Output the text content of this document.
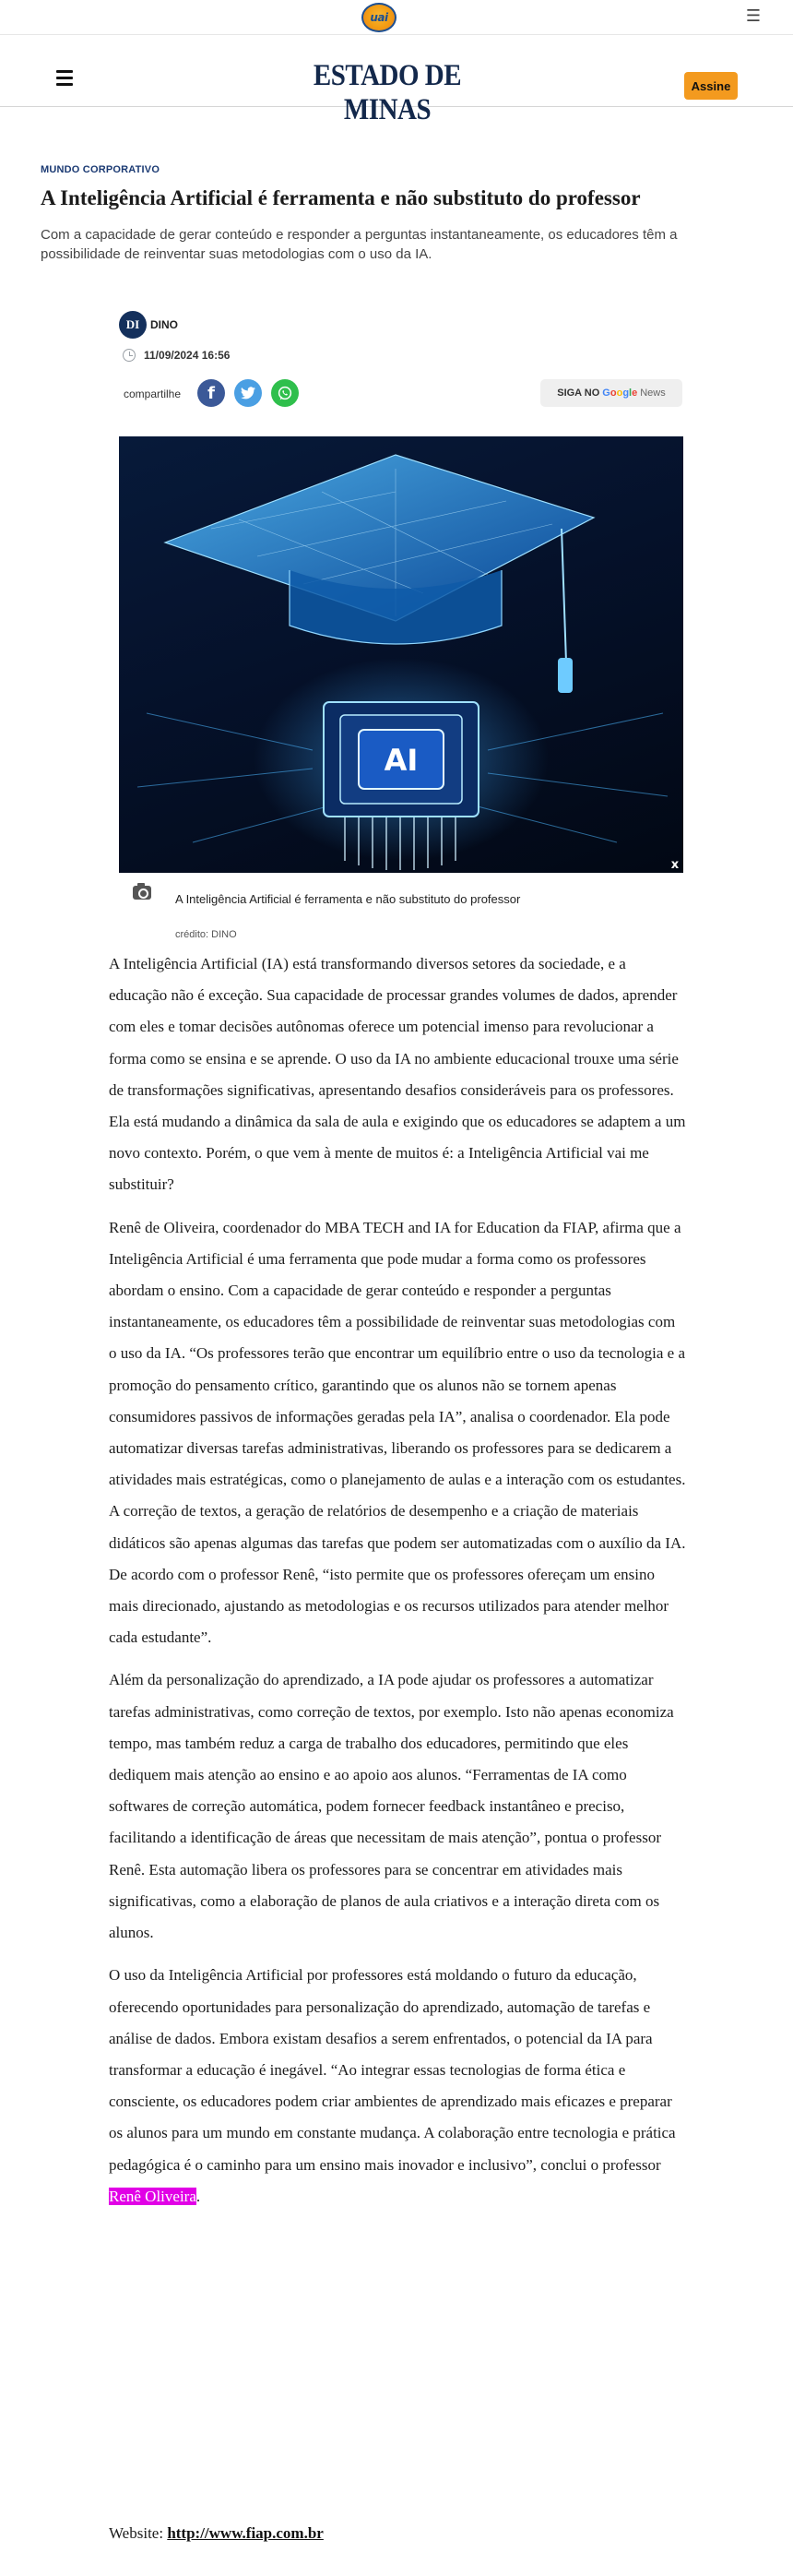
uai	☰
ESTADO DE MINAS
Assine
MUNDO CORPORATIVO
A Inteligência Artificial é ferramenta e não substituto do professor
Com a capacidade de gerar conteúdo e responder a perguntas instantaneamente, os educadores têm a possibilidade de reinventar suas metodologias com o uso da IA.
DI DINO
11/09/2024 16:56
compartilhe	f	SIGA NO Google News
AI
x
A Inteligência Artificial é ferramenta e não substituto do professor
crédito: DINO

A Inteligência Artificial (IA) está transformando diversos setores da sociedade, e a educação não é exceção. Sua capacidade de processar grandes volumes de dados, aprender com eles e tomar decisões autônomas oferece um potencial imenso para revolucionar a forma como se ensina e se aprende. O uso da IA no ambiente educacional trouxe uma série de transformações significativas, apresentando desafios consideráveis para os professores. Ela está mudando a dinâmica da sala de aula e exigindo que os educadores se adaptem a um novo contexto. Porém, o que vem à mente de muitos é: a Inteligência Artificial vai me substituir?

Renê de Oliveira, coordenador do MBA TECH and IA for Education da FIAP, afirma que a Inteligência Artificial é uma ferramenta que pode mudar a forma como os professores abordam o ensino. Com a capacidade de gerar conteúdo e responder a perguntas instantaneamente, os educadores têm a possibilidade de reinventar suas metodologias com o uso da IA. “Os professores terão que encontrar um equilíbrio entre o uso da tecnologia e a promoção do pensamento crítico, garantindo que os alunos não se tornem apenas consumidores passivos de informações geradas pela IA”, analisa o coordenador. Ela pode automatizar diversas tarefas administrativas, liberando os professores para se dedicarem a atividades mais estratégicas, como o planejamento de aulas e a interação com os estudantes. A correção de textos, a geração de relatórios de desempenho e a criação de materiais didáticos são apenas algumas das tarefas que podem ser automatizadas com o auxílio da IA. De acordo com o professor Renê, “isto permite que os professores ofereçam um ensino mais direcionado, ajustando as metodologias e os recursos utilizados para atender melhor cada estudante”.

Além da personalização do aprendizado, a IA pode ajudar os professores a automatizar tarefas administrativas, como correção de textos, por exemplo. Isto não apenas economiza tempo, mas também reduz a carga de trabalho dos educadores, permitindo que eles dediquem mais atenção ao ensino e ao apoio aos alunos. “Ferramentas de IA como softwares de correção automática, podem fornecer feedback instantâneo e preciso, facilitando a identificação de áreas que necessitam de mais atenção”, pontua o professor Renê. Esta automação libera os professores para se concentrar em atividades mais significativas, como a elaboração de planos de aula criativos e a interação direta com os alunos.

O uso da Inteligência Artificial por professores está moldando o futuro da educação, oferecendo oportunidades para personalização do aprendizado, automação de tarefas e análise de dados. Embora existam desafios a serem enfrentados, o potencial da IA para transformar a educação é inegável. “Ao integrar essas tecnologias de forma ética e consciente, os educadores podem criar ambientes de aprendizado mais eficazes e preparar os alunos para um mundo em constante mudança. A colaboração entre tecnologia e prática pedagógica é o caminho para um ensino mais inovador e inclusivo”, conclui o professor Renê Oliveira.

Website: http://www.fiap.com.br
